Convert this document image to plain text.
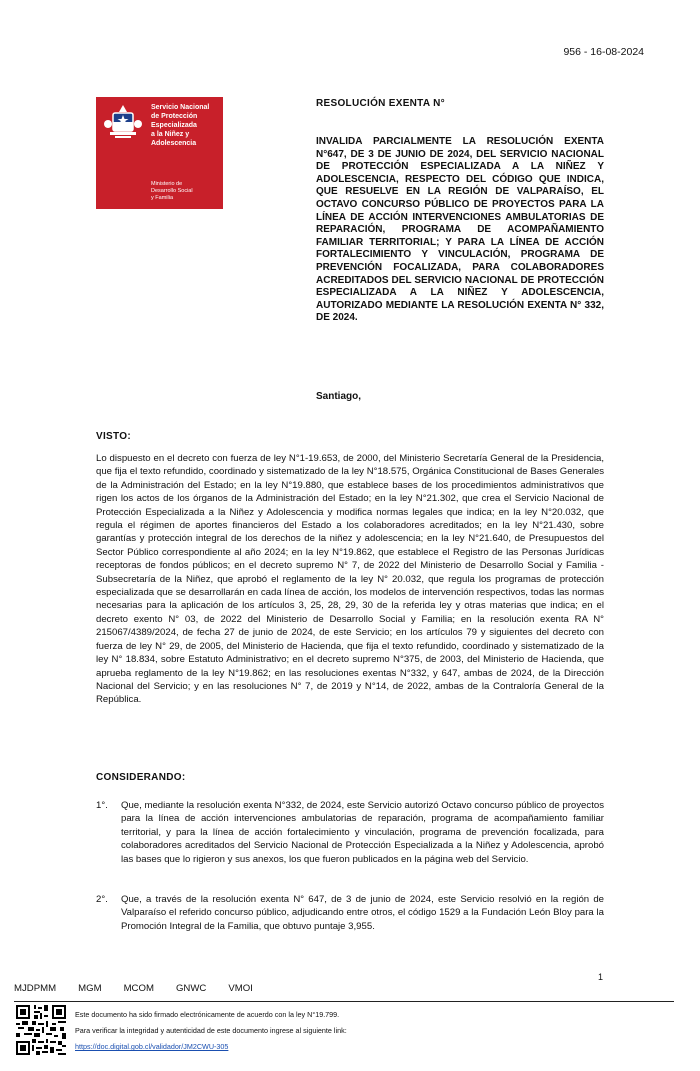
956 - 16-08-2024
Servicio Nacional
de Protección
Especializada
a la Niñez y
Adolescencia
Ministerio de
Desarrollo Social
y Familia
RESOLUCIÓN EXENTA N°
INVALIDA PARCIALMENTE LA RESOLUCIÓN EXENTA N°647, DE 3 DE JUNIO DE 2024, DEL SERVICIO NACIONAL DE PROTECCIÓN ESPECIALIZADA A LA NIÑEZ Y ADOLESCENCIA, RESPECTO DEL CÓDIGO QUE INDICA, QUE RESUELVE EN LA REGIÓN DE VALPARAÍSO, EL OCTAVO CONCURSO PÚBLICO DE PROYECTOS PARA LA LÍNEA DE ACCIÓN INTERVENCIONES AMBULATORIAS DE REPARACIÓN, PROGRAMA DE ACOMPAÑAMIENTO FAMILIAR TERRITORIAL; Y PARA LA LÍNEA DE ACCIÓN FORTALECIMIENTO Y VINCULACIÓN, PROGRAMA DE PREVENCIÓN FOCALIZADA, PARA COLABORADORES ACREDITADOS DEL SERVICIO NACIONAL DE PROTECCIÓN ESPECIALIZADA A LA NIÑEZ Y ADOLESCENCIA, AUTORIZADO MEDIANTE LA RESOLUCIÓN EXENTA N° 332, DE 2024.
Santiago,
VISTO:
Lo dispuesto en el decreto con fuerza de ley N°1-19.653, de 2000, del Ministerio Secretaría General de la Presidencia, que fija el texto refundido, coordinado y sistematizado de la ley N°18.575, Orgánica Constitucional de Bases Generales de la Administración del Estado; en la ley N°19.880, que establece bases de los procedimientos administrativos que rigen los actos de los órganos de la Administración del Estado; en la ley N°21.302, que crea el Servicio Nacional de Protección Especializada a la Niñez y Adolescencia y modifica normas legales que indica; en la ley N°20.032, que regula el régimen de aportes financieros del Estado a los colaboradores acreditados; en la ley N°21.430, sobre garantías y protección integral de los derechos de la niñez y adolescencia; en la ley N°21.640, de Presupuestos del Sector Público correspondiente al año 2024; en la ley N°19.862, que establece el Registro de las Personas Jurídicas receptoras de fondos públicos; en el decreto supremo N° 7, de 2022 del Ministerio de Desarrollo Social y Familia - Subsecretaría de la Niñez, que aprobó el reglamento de la ley N° 20.032, que regula los programas de protección especializada que se desarrollarán en cada línea de acción, los modelos de intervención respectivos, todas las normas necesarias para la aplicación de los artículos 3, 25, 28, 29, 30 de la referida ley y otras materias que indica; en el decreto exento N° 03, de 2022 del Ministerio de Desarrollo Social y Familia; en la resolución exenta RA N° 215067/4389/2024, de fecha 27 de junio de 2024, de este Servicio; en los artículos 79 y siguientes del decreto con fuerza de ley N° 29, de 2005, del Ministerio de Hacienda, que fija el texto refundido, coordinado y sistematizado de la ley N° 18.834, sobre Estatuto Administrativo; en el decreto supremo N°375, de 2003, del Ministerio de Hacienda, que aprueba reglamento de la ley N°19.862; en las resoluciones exentas N°332, y 647, ambas de 2024, de la Dirección Nacional del Servicio; y en las resoluciones N° 7, de 2019 y N°14, de 2022, ambas de la Contraloría General de la República.
CONSIDERANDO:
1°. Que, mediante la resolución exenta N°332, de 2024, este Servicio autorizó Octavo concurso público de proyectos para la línea de acción intervenciones ambulatorias de reparación, programa de acompañamiento familiar territorial, y para la línea de acción fortalecimiento y vinculación, programa de prevención focalizada, para colaboradores acreditados del Servicio Nacional de Protección Especializada a la Niñez y Adolescencia, aprobó las bases que lo rigieron y sus anexos, los que fueron publicados en la página web del Servicio.
2°. Que, a través de la resolución exenta N° 647, de 3 de junio de 2024, este Servicio resolvió en la región de Valparaíso el referido concurso público, adjudicando entre otros, el código 1529 a la Fundación León Bloy para la Promoción Integral de la Familia, que obtuvo puntaje 3,955.
1
MJDPMM MGM MCOM GNWC VMOI
Este documento ha sido firmado electrónicamente de acuerdo con la ley N°19.799.
Para verificar la integridad y autenticidad de este documento ingrese al siguiente link:
https://doc.digital.gob.cl/validador/JM2CWU-305
